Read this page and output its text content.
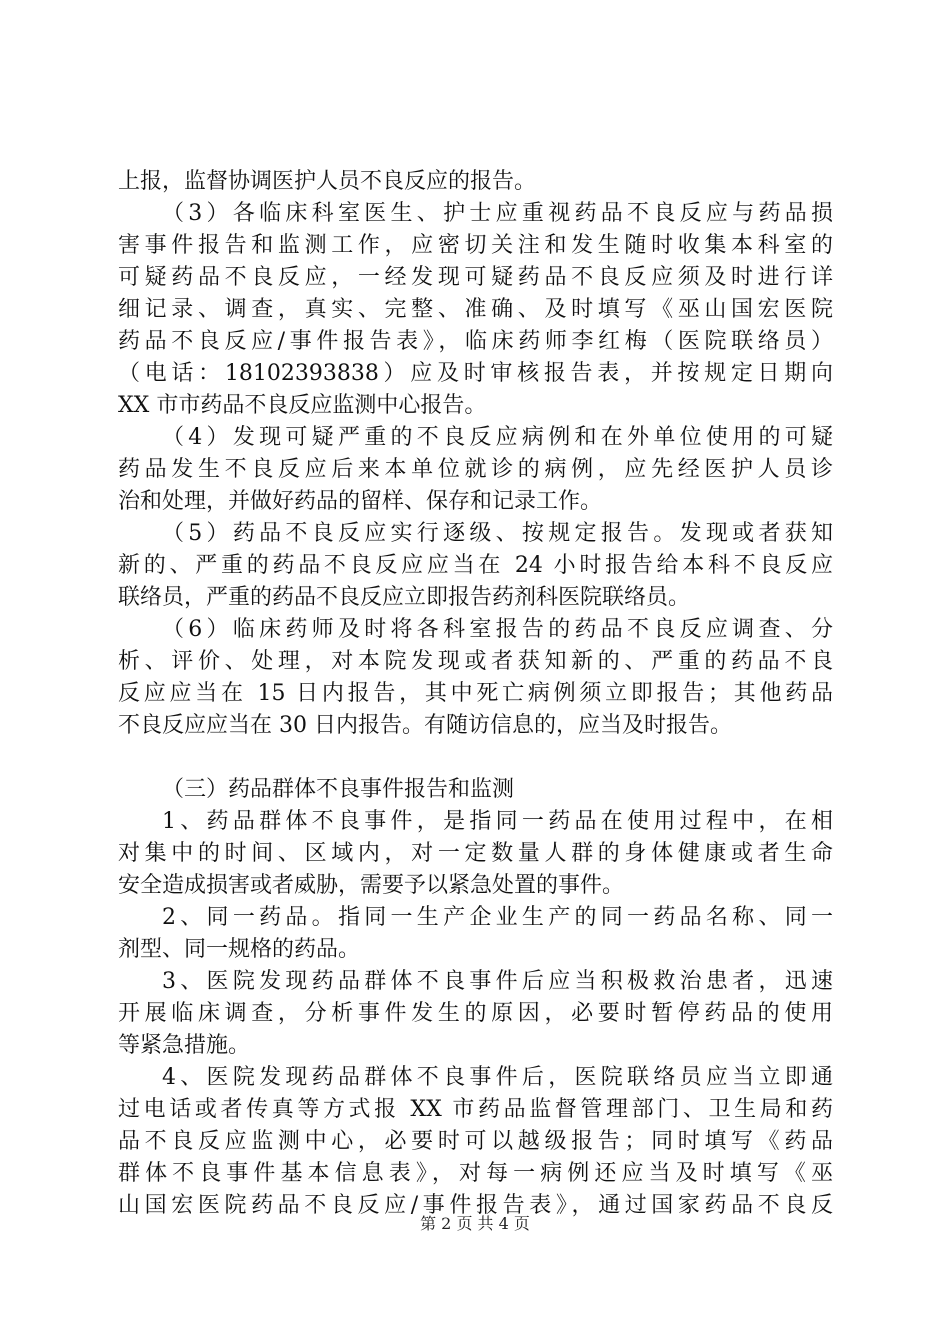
上报，监督协调医护人员不良反应的报告。
（3）各临床科室医生、护士应重视药品不良反应与药品损
害事件报告和监测工作，应密切关注和发生随时收集本科室的
可疑药品不良反应，一经发现可疑药品不良反应须及时进行详
细记录、调查，真实、完整、准确、及时填写《巫山国宏医院
药品不良反应/事件报告表》，临床药师李红梅（医院联络员）
（电话：18102393838）应及时审核报告表，并按规定日期向
XX 市市药品不良反应监测中心报告。
（4）发现可疑严重的不良反应病例和在外单位使用的可疑
药品发生不良反应后来本单位就诊的病例，应先经医护人员诊
治和处理，并做好药品的留样、保存和记录工作。
（5）药品不良反应实行逐级、按规定报告。发现或者获知
新的、严重的药品不良反应应当在 24 小时报告给本科不良反应
联络员，严重的药品不良反应立即报告药剂科医院联络员。
（6）临床药师及时将各科室报告的药品不良反应调查、分
析、评价、处理，对本院发现或者获知新的、严重的药品不良
反应应当在 15 日内报告，其中死亡病例须立即报告；其他药品
不良反应应当在 30 日内报告。有随访信息的，应当及时报告。
（三）药品群体不良事件报告和监测
1、药品群体不良事件，是指同一药品在使用过程中，在相
对集中的时间、区域内，对一定数量人群的身体健康或者生命
安全造成损害或者威胁，需要予以紧急处置的事件。
2、同一药品。指同一生产企业生产的同一药品名称、同一
剂型、同一规格的药品。
3、医院发现药品群体不良事件后应当积极救治患者，迅速
开展临床调查，分析事件发生的原因，必要时暂停药品的使用
等紧急措施。
4、医院发现药品群体不良事件后，医院联络员应当立即通
过电话或者传真等方式报 XX 市药品监督管理部门、卫生局和药
品不良反应监测中心，必要时可以越级报告；同时填写《药品
群体不良事件基本信息表》，对每一病例还应当及时填写《巫
山国宏医院药品不良反应/事件报告表》，通过国家药品不良反
第 2 页 共 4 页
